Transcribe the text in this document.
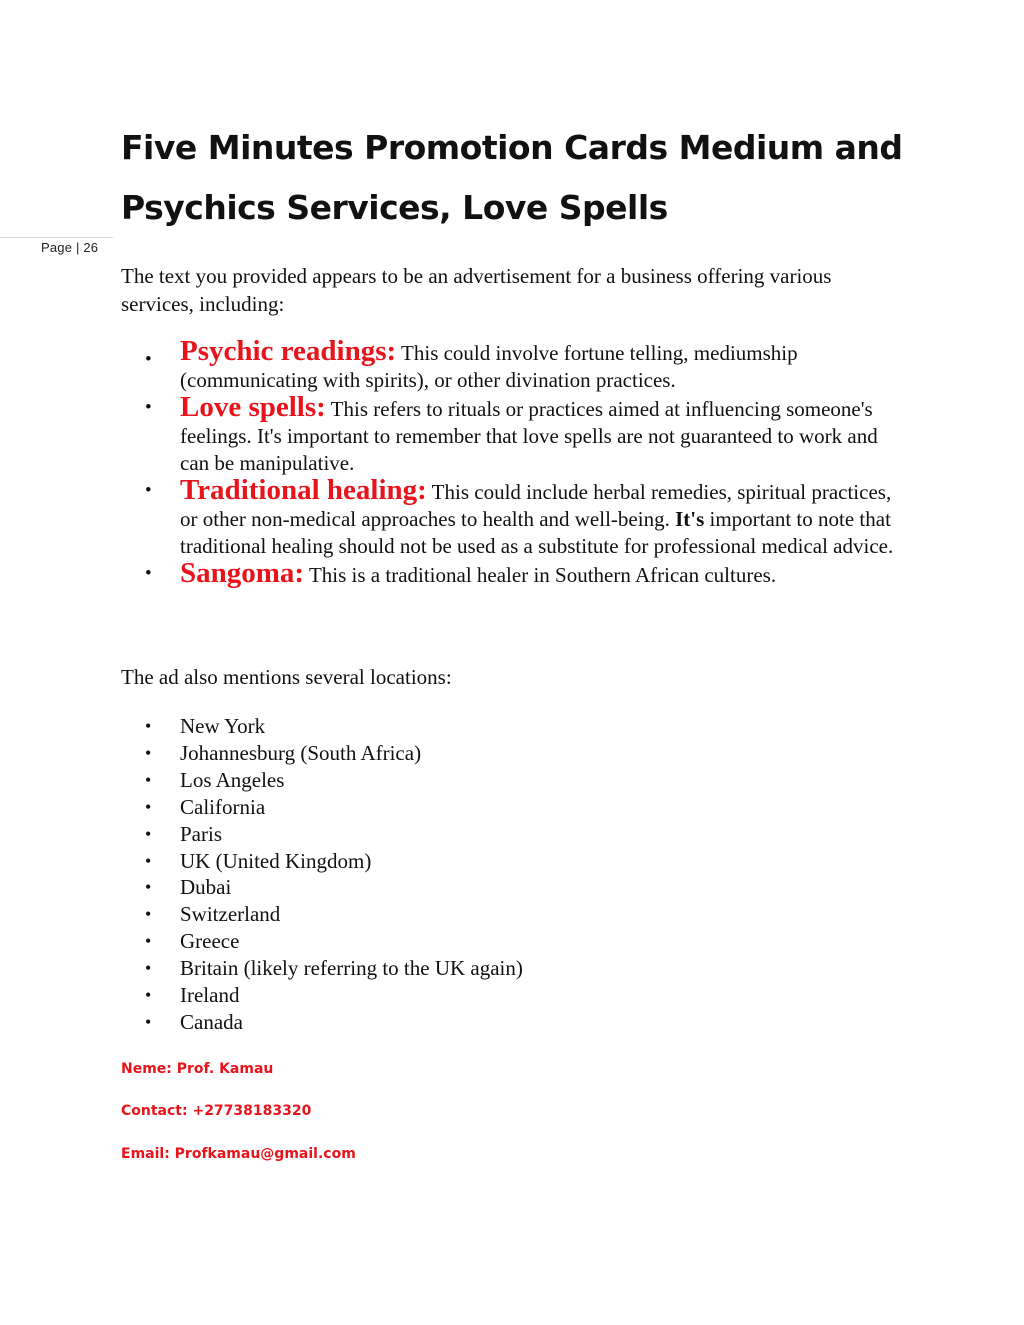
Page | 26
Five Minutes Promotion Cards Medium and Psychics Services, Love Spells

The text you provided appears to be an advertisement for a business offering various services, including:

• Psychic readings: This could involve fortune telling, mediumship (communicating with spirits), or other divination practices.
• Love spells: This refers to rituals or practices aimed at influencing someone's feelings. It's important to remember that love spells are not guaranteed to work and can be manipulative.
• Traditional healing: This could include herbal remedies, spiritual practices, or other non-medical approaches to health and well-being. It's important to note that traditional healing should not be used as a substitute for professional medical advice.
• Sangoma: This is a traditional healer in Southern African cultures.

The ad also mentions several locations:

• New York
• Johannesburg (South Africa)
• Los Angeles
• California
• Paris
• UK (United Kingdom)
• Dubai
• Switzerland
• Greece
• Britain (likely referring to the UK again)
• Ireland
• Canada

Neme: Prof. Kamau

Contact: +27738183320

Email: Profkamau@gmail.com
